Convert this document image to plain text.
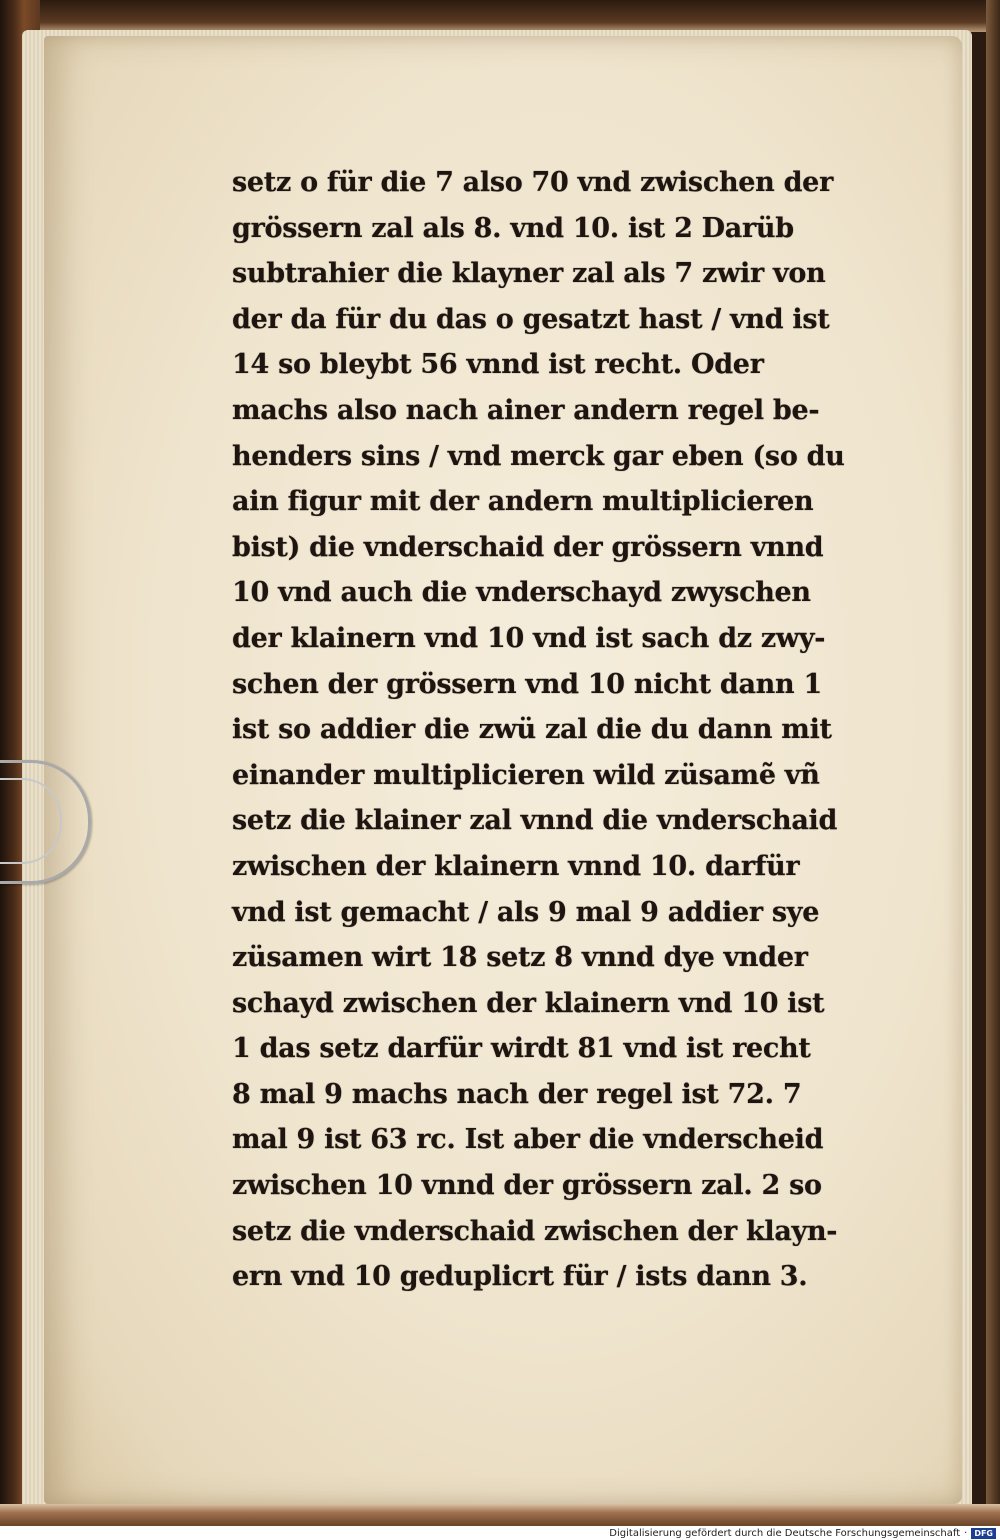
setz o für die 7 also 70 vnd zwischen der
grössern zal als 8. vnd 10. ist 2 Darüb
subtrahier die klayner zal als 7 zwir von
der da für du das o gesatzt hast / vnd ist
14 so bleybt 56 vnnd ist recht. Oder
machs also nach ainer andern regel be-
henders sins / vnd merck gar eben (so du
ain figur mit der andern multiplicieren
bist) die vnderschaid der grössern vnnd
10 vnd auch die vnderschayd zwyschen
der klainern vnd 10 vnd ist sach dz zwy-
schen der grössern vnd 10 nicht dann 1
ist so addier die zwü zal die du dann mit
einander multiplicieren wild züsamẽ vñ
setz die klainer zal vnnd die vnderschaid
zwischen der klainern vnnd 10. darfür
vnd ist gemacht / als 9 mal 9 addier sye
züsamen wirt 18 setz 8 vnnd dye vnder
schayd zwischen der klainern vnd 10 ist
1 das setz darfür wirdt 81 vnd ist recht
8 mal 9 machs nach der regel ist 72. 7
mal 9 ist 63 rc. Ist aber die vnderscheid
zwischen 10 vnnd der grössern zal. 2 so
setz die vnderschaid zwischen der klayn-
ern vnd 10 geduplicrt für / ists dann 3.
Digitalisierung gefördert durch die Deutsche Forschungsgemeinschaft · DFG
